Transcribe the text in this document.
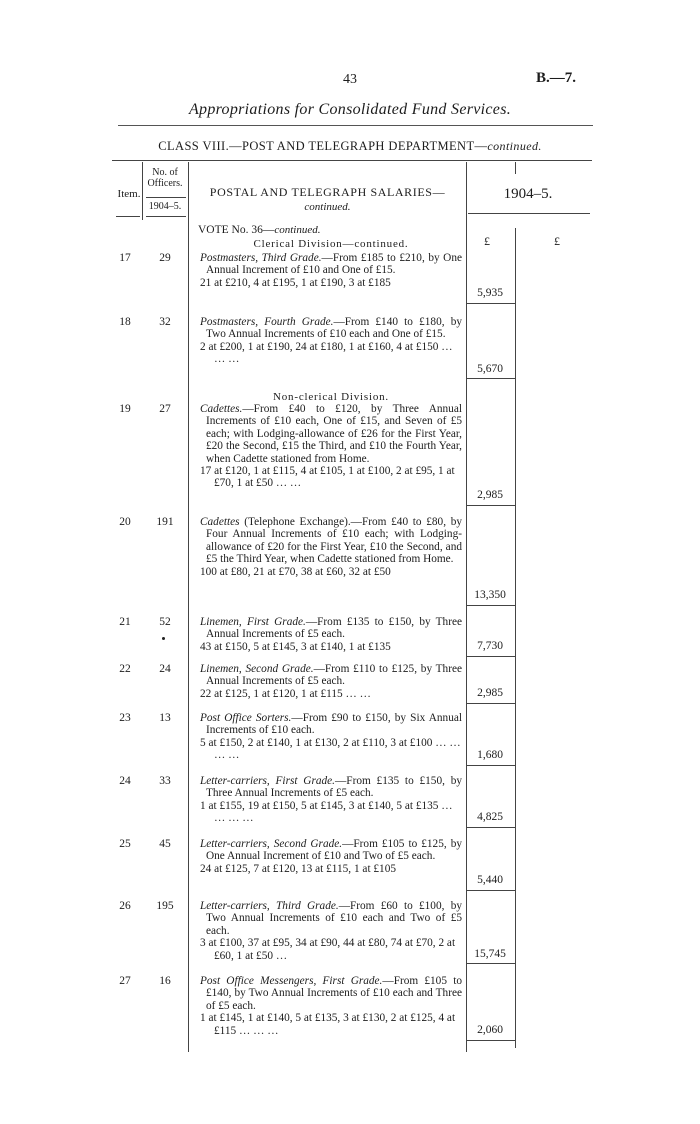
43	B.—7.
Appropriations for Consolidated Fund Services.
CLASS VIII.—POST AND TELEGRAPH DEPARTMENT—continued.
Item.
No. of Officers.
1904–5.
POSTAL AND TELEGRAPH SALARIES—
continued.
1904–5.
VOTE No. 36—continued.
£	£
Clerical Division—continued.
Non-clerical Division.
17	29	Postmasters, Third Grade.—From £185 to £210, by One Annual Increment of £10 and One of £15.
21 at £210, 4 at £195, 1 at £190, 3 at £185
5,935
18	32	Postmasters, Fourth Grade.—From £140 to £180, by Two Annual Increments of £10 each and One of £15.
2 at £200, 1 at £190, 24 at £180, 1 at £160, 4 at £150 … … …
5,670
19	27	Cadettes.—From £40 to £120, by Three Annual Increments of £10 each, One of £15, and Seven of £5 each; with Lodging-allowance of £26 for the First Year, £20 the Second, £15 the Third, and £10 the Fourth Year, when Cadette stationed from Home.
17 at £120, 1 at £115, 4 at £105, 1 at £100, 2 at £95, 1 at £70, 1 at £50 … …
2,985
20	191	Cadettes (Telephone Exchange).—From £40 to £80, by Four Annual Increments of £10 each; with Lodging-allowance of £20 for the First Year, £10 the Second, and £5 the Third Year, when Cadette stationed from Home.
100 at £80, 21 at £70, 38 at £60, 32 at £50
13,350
21	52	Linemen, First Grade.—From £135 to £150, by Three Annual Increments of £5 each.
43 at £150, 5 at £145, 3 at £140, 1 at £135	7,730
22	24	Linemen, Second Grade.—From £110 to £125, by Three Annual Increments of £5 each.
22 at £125, 1 at £120, 1 at £115 … …	2,985
23	13	Post Office Sorters.—From £90 to £150, by Six Annual Increments of £10 each.
5 at £150, 2 at £140, 1 at £130, 2 at £110, 3 at £100 … … … …	1,680
24	33	Letter-carriers, First Grade.—From £135 to £150, by Three Annual Increments of £5 each.
1 at £155, 19 at £150, 5 at £145, 3 at £140, 5 at £135 … … … …	4,825
25	45	Letter-carriers, Second Grade.—From £105 to £125, by One Annual Increment of £10 and Two of £5 each.
24 at £125, 7 at £120, 13 at £115, 1 at £105
5,440
26	195	Letter-carriers, Third Grade.—From £60 to £100, by Two Annual Increments of £10 each and Two of £5 each.
3 at £100, 37 at £95, 34 at £90, 44 at £80, 74 at £70, 2 at £60, 1 at £50 …	15,745
27	16	Post Office Messengers, First Grade.—From £105 to £140, by Two Annual Increments of £10 each and Three of £5 each.
1 at £145, 1 at £140, 5 at £135, 3 at £130, 2 at £125, 4 at £115 … … …	2,060
